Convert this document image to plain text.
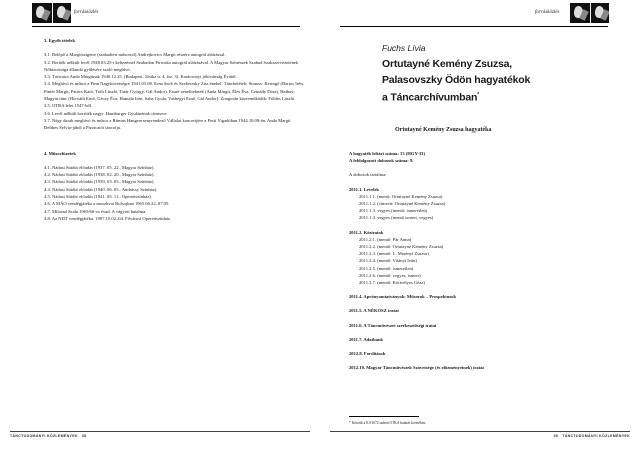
forrásközlés

3. Egyéb tételek

3.1. Belépő a Margitszigetre (szabadtéri műsorral) Andrejkovics Margit részére autográf aláírással.

3.2. Beríték nélküli levél 1948.03.25-i keltezéssel Szabadon Pirroska autográf aláírásával. A Magyar Színészek Szabad Szakszervezetének Nőbizottsága állandó gyűlésére szóló meghívó.

3.3. Táviratot Anda Margitnak 1940.12.25. (Budapest, Jósika u. 4. fsz. 3). Karácsonyi jókívánság Évától.

3.4. Meghívó és műsor a Finn Nagykövetségre 1941.03.08. Erna Sack és Szekeresky Zita énekel. Táncbetétek: Strauss: Keringő (Bartos Irén, Pintér Margit, Patócs Kató, Tóth László, Tatár György, Gál Andor), Fauré zeneliteknek (Anda Margit, Éles Éva, Czinády Dóra), Haibay: Magyar tánc (Horváth Ernő, Géczy Éva, Hamala Irén, Saba Gyula, Vashegyi Ernő, Gál Andor). Zongorán közreműködik: Földes László.

3.5. OTBA lelet 1947-ből.

3.6. Levél nélküli borríték nagyr. Hamburger Gyulánénak címezve.

3.7. Négy darab meghívó és műsor a Ritmus Hangversenyrendező Vállalat koncertjére a Pesti Vigadóban 1944.10.08-án. Anda Margit Delibes Sylvia-jából a Pizzicatót táncolja.

4. Műsorfüzetek

4.1. Nádasi Stúdió előadás (1937. 05. 22., Magyar Színház).

4.2. Nádasi Stúdió előadás (1938. 02. 20., Magyar Színház).

4.3. Nádasi Stúdió előadás (1939. 03. 05., Magyar Színház).

4.4. Nádasi Stúdió előadás (1940. 06. 05., Andrássy Színház).

4.5. Nádasi Stúdió előadás (1941. 05. 11., Operettszínház).

4.6. A MÁO vendégjátéka a moszkvai Bolsojban 1965.06.22–07.05.

4.7. Milorad Szala 1965/66-os évad. A vágyott hatalma.

4.8. Az NDT vendégjátéka. 1987.10.02–04. Fővárosi Operettszínház.

TÁNCTUDOMÁNYI KÖZLEMÉNYEK 38
forrásközlés
Fuchs Lívia
Ortutayné Kemény Zsuzsa,
Palasovszky Ödön hagyatékok
a Táncarchívumban*
Ortutayné Kemény Zsuzsa hagyatéka
A hagyaték leltári száma: 33 (HGY-33)
A feldolgozott dobozok száma: 9.
A dobozok tartalma:
2011.1. Levelek
2011.1.1. (ment): Ortutayné Kemény Zsuzsa)
2011.1.2. (címzett: Ortutayné Kemény Zsuzsa)
2011.1.3. vegyes (mentő: ismeretlen)
2011.1.4. vegyes (mentő ismert, vegyes)
2011.2. Kéziratok
2011.2.1. (mentő: Pár Anna)
2011.2.2. (mentő: Ortutayné Kemény Zsuzsa)
2011.2.3. (mentő: L. Merényi Zsuzsa)
2011.2.4. (mentő: Vitányi Iván)
2011.2.5. (mentő: ismeretlen)
2011.2.6. (mentő: vegyes, ismert)
2011.2.7. (mentő: Körtvélyes Géza)
2011.4. Aprónyomtatványok: Műsorok – Prospektusok
2011.5. A NÉKOSZ iratai
2011.6. A Táncművészet szerkesztőségi iratai
2011.7. Adatbank
2012.8. Fordítások
2012.10. Magyar Táncművészek Szövetsége (és előzményeinek) iratai
* Készült a K 81672 számú OTKA kutatás keretében.
39 TÁNCTUDOMÁNYI KÖZLEMÉNYEK
